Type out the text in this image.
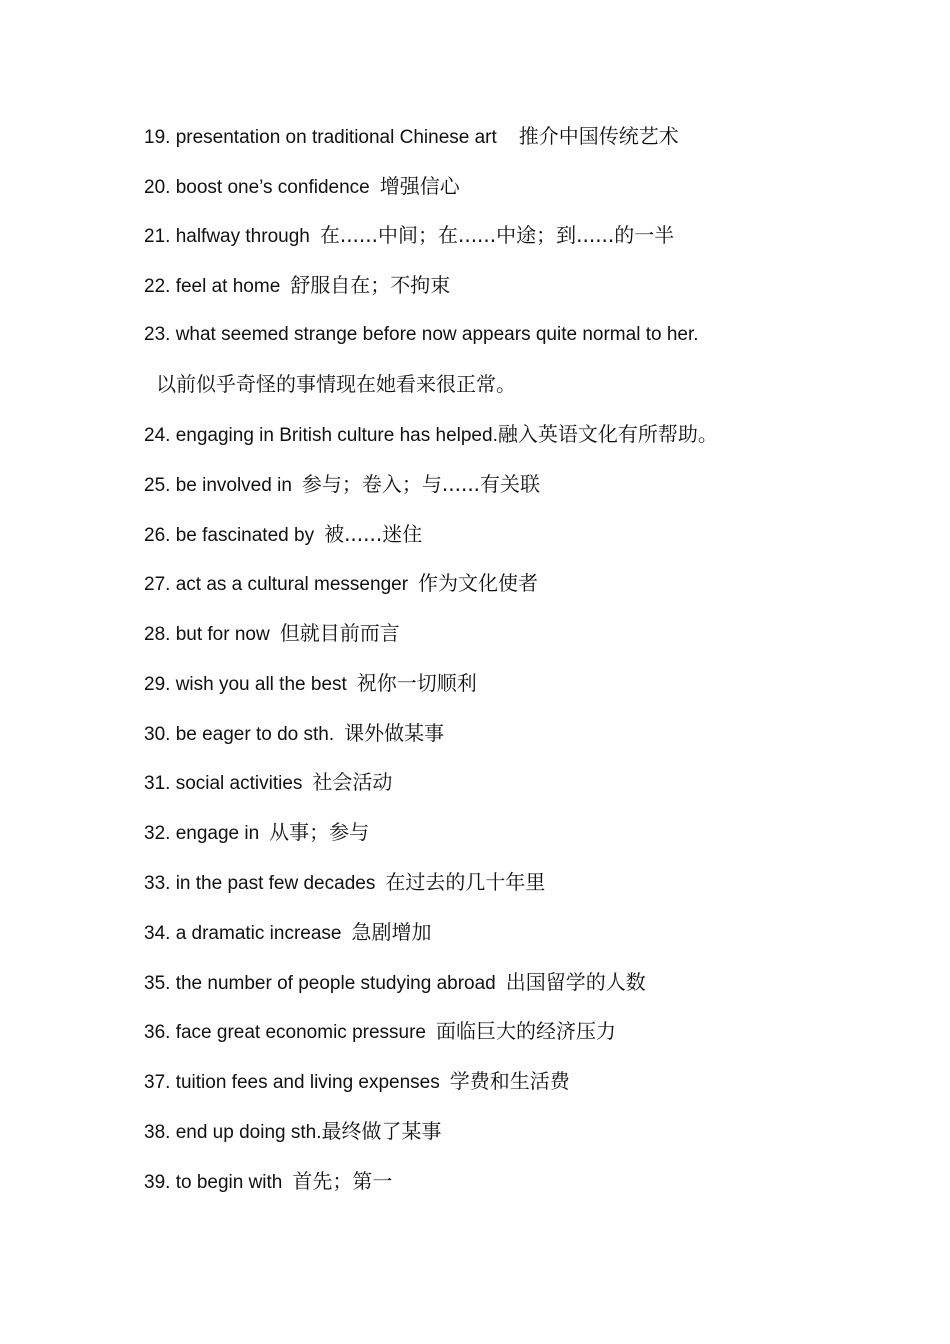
19. presentation on traditional Chinese art 推介中国传统艺术
20. boost one’s confidence 增强信心
21. halfway through 在......中间；在......中途；到......的一半
22. feel at home 舒服自在；不拘束
23. what seemed strange before now appears quite normal to her.
以前似乎奇怪的事情现在她看来很正常。
24. engaging in British culture has helped.融入英语文化有所帮助。
25. be involved in 参与；卷入；与......有关联
26. be fascinated by 被......迷住
27. act as a cultural messenger 作为文化使者
28. but for now 但就目前而言
29. wish you all the best 祝你一切顺利
30. be eager to do sth. 课外做某事
31. social activities 社会活动
32. engage in 从事；参与
33. in the past few decades 在过去的几十年里
34. a dramatic increase 急剧增加
35. the number of people studying abroad 出国留学的人数
36. face great economic pressure 面临巨大的经济压力
37. tuition fees and living expenses 学费和生活费
38. end up doing sth.最终做了某事
39. to begin with 首先；第一
